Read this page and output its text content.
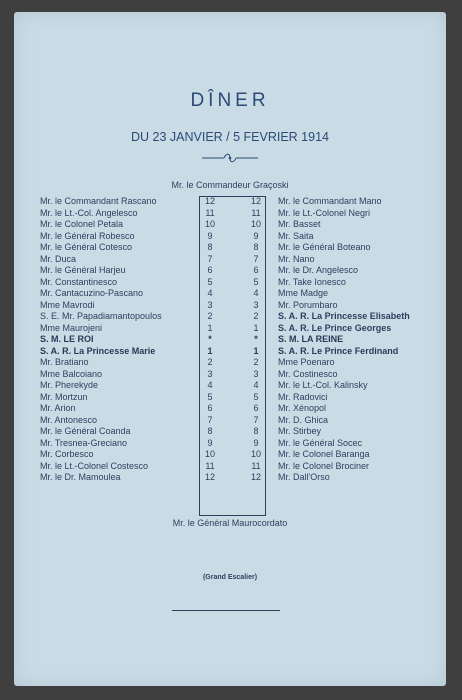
DÎNER
DU 23 JANVIER / 5 FEVRIER 1914
Mr. le Commandeur Graçoski
Mr. le Commandant Rascano	12	12 Mr. le Commandant Mano
Mr. le Lt.-Col. Angelesco	11	11 Mr. le Lt.-Colonel Negri
Mr. le Colonel Petala	10	10 Mr. Basset
Mr. le Général Robesco	9	9	Mr. Saita
Mr. le Général Cotesco	8	8	Mr. le Général Boteano
Mr. Duca	7	7	Mr. Nano
Mr. le Général Harjeu	6	6	Mr. le Dr. Angelesco
Mr. Constantinesco	5	5	Mr. Take Ionesco
Mr. Cantacuzino-Pascano	4	4	Mme Madge
Mme Mavrodi	3	3	Mr. Porumbaro
S. E. Mr. Papadiamantopoulos	2	2	S. A. R. La Princesse Elisabeth
Mme Maurojeni	1	1	S. A. R. Le Prince Georges
S. M. LE ROI	*	*	S. M. LA REINE
S. A. R. La Princesse Marie	1	1	S. A. R. Le Prince Ferdinand
Mr. Bratiano	2	2	Mme Poenaro
Mme Balcoiano	3	3	Mr. Costinesco
Mr. Pherekyde	4	4	Mr. le Lt.-Col. Kalinsky
Mr. Mortzun	5	5	Mr. Radovici
Mr. Arion	6	6	Mr. Xénopol
Mr. Antonesco	7	7	Mr. D. Ghica
Mr. le Général Coanda	8	8	Mr. Stirbey
Mr. Tresnea-Greciano	9	9	Mr. le Général Socec
Mr. Corbesco	10	10 Mr. le Colonel Baranga
Mr. le Lt.-Colonel Costesco	11	11 Mr. le Colonel Brociner
Mr. le Dr. Mamoulea	12	12 Mr. Dall'Orso
Mr. le Général Maurocordato
(Grand Escalier)
